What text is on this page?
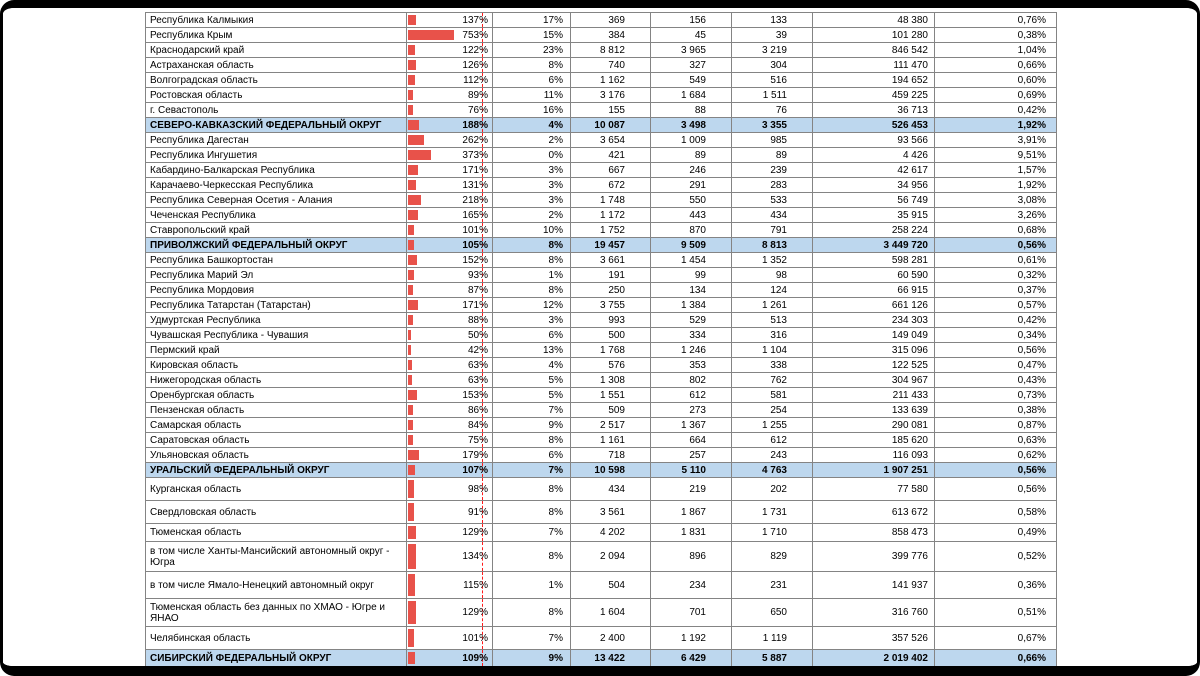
Республика Калмыкия	137%	17%	369	156	133	48 380	0,76%
Республика Крым	753%	15%	384	45	39	101 280	0,38%
Краснодарский край	122%	23%	8 812	3 965	3 219	846 542	1,04%
Астраханская область	126%	8%	740	327	304	111 470	0,66%
Волгоградская область	112%	6%	1 162	549	516	194 652	0,60%
Ростовская область	89%	11%	3 176	1 684	1 511	459 225	0,69%
г. Севастополь	76%	16%	155	88	76	36 713	0,42%
СЕВЕРО-КАВКАЗСКИЙ ФЕДЕРАЛЬНЫЙ ОКРУГ	188%	4%	10 087	3 498	3 355	526 453	1,92%
Республика Дагестан	262%	2%	3 654	1 009	985	93 566	3,91%
Республика Ингушетия	373%	0%	421	89	89	4 426	9,51%
Кабардино-Балкарская Республика	171%	3%	667	246	239	42 617	1,57%
Карачаево-Черкесская Республика	131%	3%	672	291	283	34 956	1,92%
Республика Северная Осетия - Алания	218%	3%	1 748	550	533	56 749	3,08%
Чеченская Республика	165%	2%	1 172	443	434	35 915	3,26%
Ставропольский край	101%	10%	1 752	870	791	258 224	0,68%
ПРИВОЛЖСКИЙ ФЕДЕРАЛЬНЫЙ ОКРУГ	105%	8%	19 457	9 509	8 813	3 449 720	0,56%
Республика Башкортостан	152%	8%	3 661	1 454	1 352	598 281	0,61%
Республика Марий Эл	93%	1%	191	99	98	60 590	0,32%
Республика Мордовия	87%	8%	250	134	124	66 915	0,37%
Республика Татарстан (Татарстан)	171%	12%	3 755	1 384	1 261	661 126	0,57%
Удмуртская Республика	88%	3%	993	529	513	234 303	0,42%
Чувашская Республика - Чувашия	50%	6%	500	334	316	149 049	0,34%
Пермский край	42%	13%	1 768	1 246	1 104	315 096	0,56%
Кировская область	63%	4%	576	353	338	122 525	0,47%
Нижегородская область	63%	5%	1 308	802	762	304 967	0,43%
Оренбургская область	153%	5%	1 551	612	581	211 433	0,73%
Пензенская область	86%	7%	509	273	254	133 639	0,38%
Самарская область	84%	9%	2 517	1 367	1 255	290 081	0,87%
Саратовская область	75%	8%	1 161	664	612	185 620	0,63%
Ульяновская область	179%	6%	718	257	243	116 093	0,62%
УРАЛЬСКИЙ ФЕДЕРАЛЬНЫЙ ОКРУГ	107%	7%	10 598	5 110	4 763	1 907 251	0,56%
Курганская область	98%	8%	434	219	202	77 580	0,56%
Свердловская область	91%	8%	3 561	1 867	1 731	613 672	0,58%
Тюменская область	129%	7%	4 202	1 831	1 710	858 473	0,49%
в том числе Ханты-Мансийский автономный округ - Югра	134%	8%	2 094	896	829	399 776	0,52%
в том числе Ямало-Ненецкий автономный округ	115%	1%	504	234	231	141 937	0,36%
Тюменская область без данных по ХМАО - Югре и ЯНАО	129%	8%	1 604	701	650	316 760	0,51%
Челябинская область	101%	7%	2 400	1 192	1 119	357 526	0,67%
СИБИРСКИЙ ФЕДЕРАЛЬНЫЙ ОКРУГ	109%	9%	13 422	6 429	5 887	2 019 402	0,66%
